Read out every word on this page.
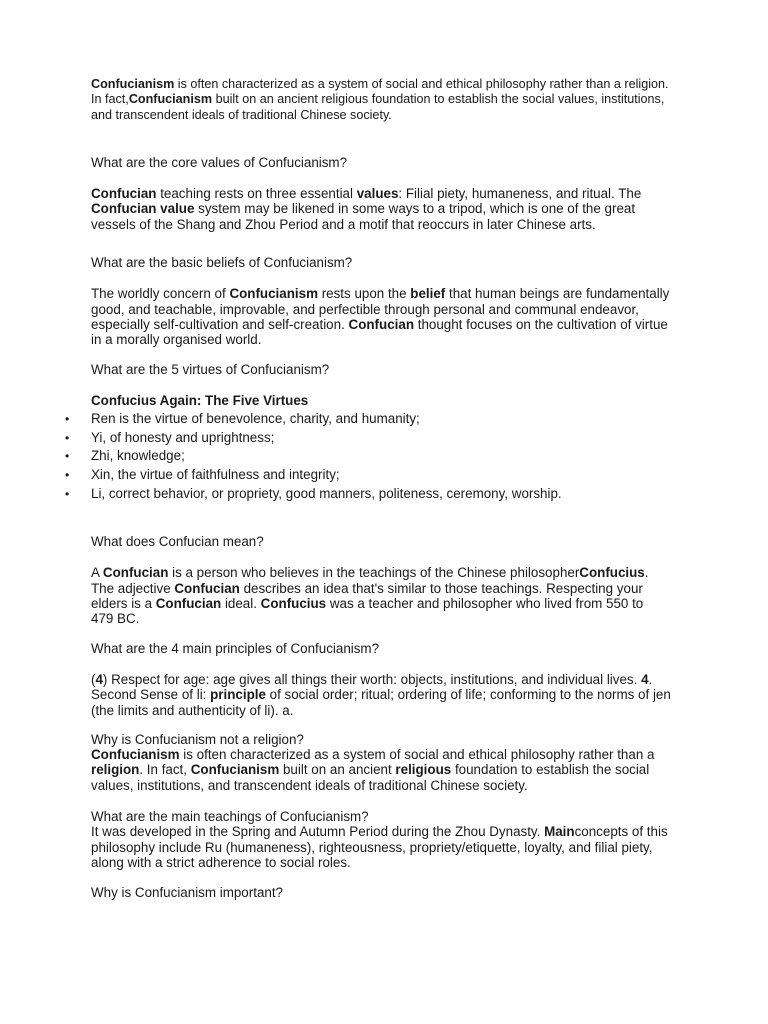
Confucianism is often characterized as a system of social and ethical philosophy rather than a religion. In fact,Confucianism built on an ancient religious foundation to establish the social values, institutions, and transcendent ideals of traditional Chinese society.

What are the core values of Confucianism?

Confucian teaching rests on three essential values: Filial piety, humaneness, and ritual. The Confucian value system may be likened in some ways to a tripod, which is one of the great vessels of the Shang and Zhou Period and a motif that reoccurs in later Chinese arts.

What are the basic beliefs of Confucianism?

The worldly concern of Confucianism rests upon the belief that human beings are fundamentally good, and teachable, improvable, and perfectible through personal and communal endeavor, especially self-cultivation and self-creation. Confucian thought focuses on the cultivation of virtue in a morally organised world.

What are the 5 virtues of Confucianism?

Confucius Again: The Five Virtues

• Ren is the virtue of benevolence, charity, and humanity;
• Yi, of honesty and uprightness;
• Zhi, knowledge;
• Xin, the virtue of faithfulness and integrity;
• Li, correct behavior, or propriety, good manners, politeness, ceremony, worship.

What does Confucian mean?

A Confucian is a person who believes in the teachings of the Chinese philosopherConfucius. The adjective Confucian describes an idea that's similar to those teachings. Respecting your elders is a Confucian ideal. Confucius was a teacher and philosopher who lived from 550 to 479 BC.

What are the 4 main principles of Confucianism?

(4) Respect for age: age gives all things their worth: objects, institutions, and individual lives. 4. Second Sense of li: principle of social order; ritual; ordering of life; conforming to the norms of jen (the limits and authenticity of li). a.

Why is Confucianism not a religion?

Confucianism is often characterized as a system of social and ethical philosophy rather than a religion. In fact, Confucianism built on an ancient religious foundation to establish the social values, institutions, and transcendent ideals of traditional Chinese society.

What are the main teachings of Confucianism?

It was developed in the Spring and Autumn Period during the Zhou Dynasty. Mainconcepts of this philosophy include Ru (humaneness), righteousness, propriety/etiquette, loyalty, and filial piety, along with a strict adherence to social roles.

Why is Confucianism important?
